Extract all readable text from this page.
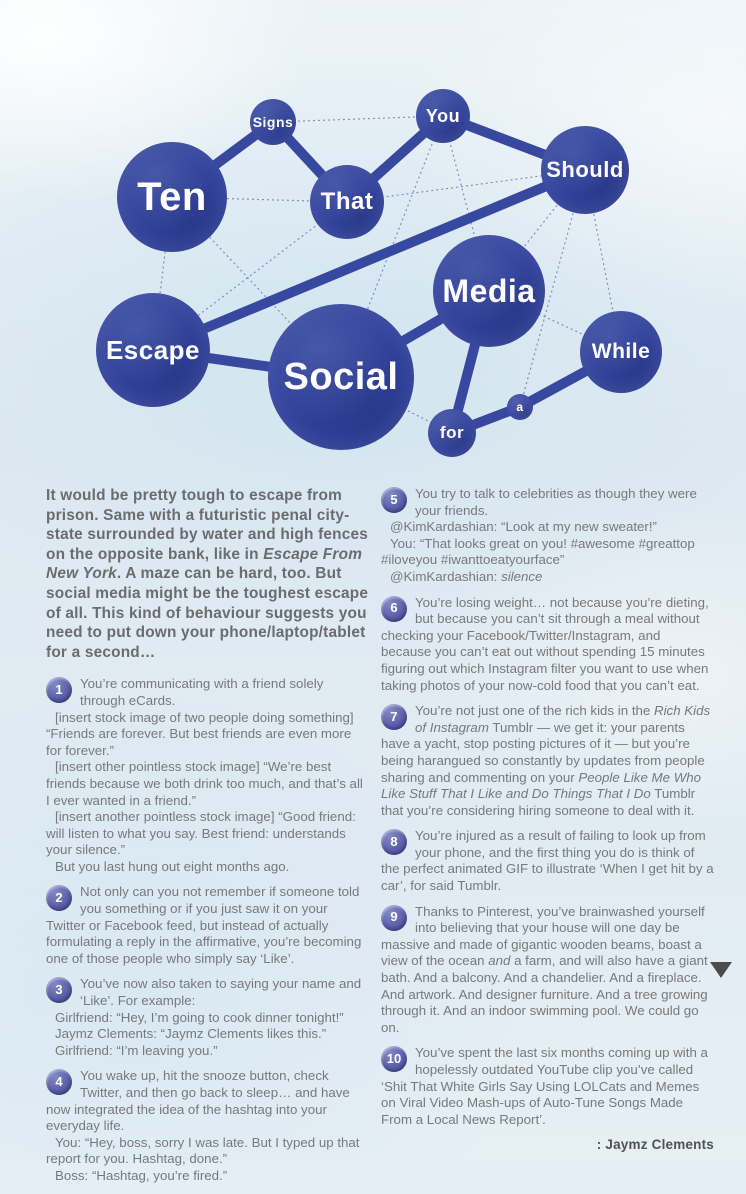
Ten
Signs
That
You
Should
Escape
Social
Media
While
a
for

It would be pretty tough to escape from prison. Same with a futuristic penal city-state surrounded by water and high fences on the opposite bank, like in Escape From New York. A maze can be hard, too. But social media might be the toughest escape of all. This kind of behaviour suggests you need to put down your phone/laptop/tablet for a second…

1	You’re communicating with a friend solely through eCards.

[insert stock image of two people doing something] “Friends are forever. But best friends are even more for forever.”

[insert other pointless stock image] “We’re best friends because we both drink too much, and that’s all I ever wanted in a friend.”

[insert another pointless stock image] “Good friend: will listen to what you say. Best friend: understands your silence.”

But you last hung out eight months ago.

2	Not only can you not remember if someone told you something or if you just saw it on your Twitter or Facebook feed, but instead of actually formulating a reply in the affirmative, you’re becoming one of those people who simply say ‘Like’.

3	You’ve now also taken to saying your name and ‘Like’. For example:

Girlfriend: “Hey, I’m going to cook dinner tonight!”

Jaymz Clements: “Jaymz Clements likes this.”

Girlfriend: “I’m leaving you.”

4	You wake up, hit the snooze button, check Twitter, and then go back to sleep… and have now integrated the idea of the hashtag into your everyday life.

You: “Hey, boss, sorry I was late. But I typed up that report for you. Hashtag, done.”

Boss: “Hashtag, you’re fired.”

5	You try to talk to celebrities as though they were your friends.

@KimKardashian: “Look at my new sweater!”

You: “That looks great on you! #awesome #greattop #iloveyou #iwanttoeatyourface”

@KimKardashian: silence

6	You’re losing weight… not because you’re dieting, but because you can’t sit through a meal without checking your Facebook/Twitter/Instagram, and because you can’t eat out without spending 15 minutes figuring out which Instagram filter you want to use when taking photos of your now-cold food that you can’t eat.

7	You’re not just one of the rich kids in the Rich Kids of Instagram Tumblr — we get it: your parents have a yacht, stop posting pictures of it — but you’re being harangued so constantly by updates from people sharing and commenting on your People Like Me Who Like Stuff That I Like and Do Things That I Do Tumblr that you’re considering hiring someone to deal with it.

8	You’re injured as a result of failing to look up from your phone, and the first thing you do is think of the perfect animated GIF to illustrate ‘When I get hit by a car’, for said Tumblr.

9	Thanks to Pinterest, you’ve brainwashed yourself into believing that your house will one day be massive and made of gigantic wooden beams, boast a view of the ocean and a farm, and will also have a giant bath. And a balcony. And a chandelier. And a fireplace. And artwork. And designer furniture. And a tree growing through it. And an indoor swimming pool. We could go on.

10	You’ve spent the last six months coming up with a hopelessly outdated YouTube clip you’ve called ‘Shit That White Girls Say Using LOLCats and Memes on Viral Video Mash-ups of Auto-Tune Songs Made From a Local News Report’.

: Jaymz Clements
